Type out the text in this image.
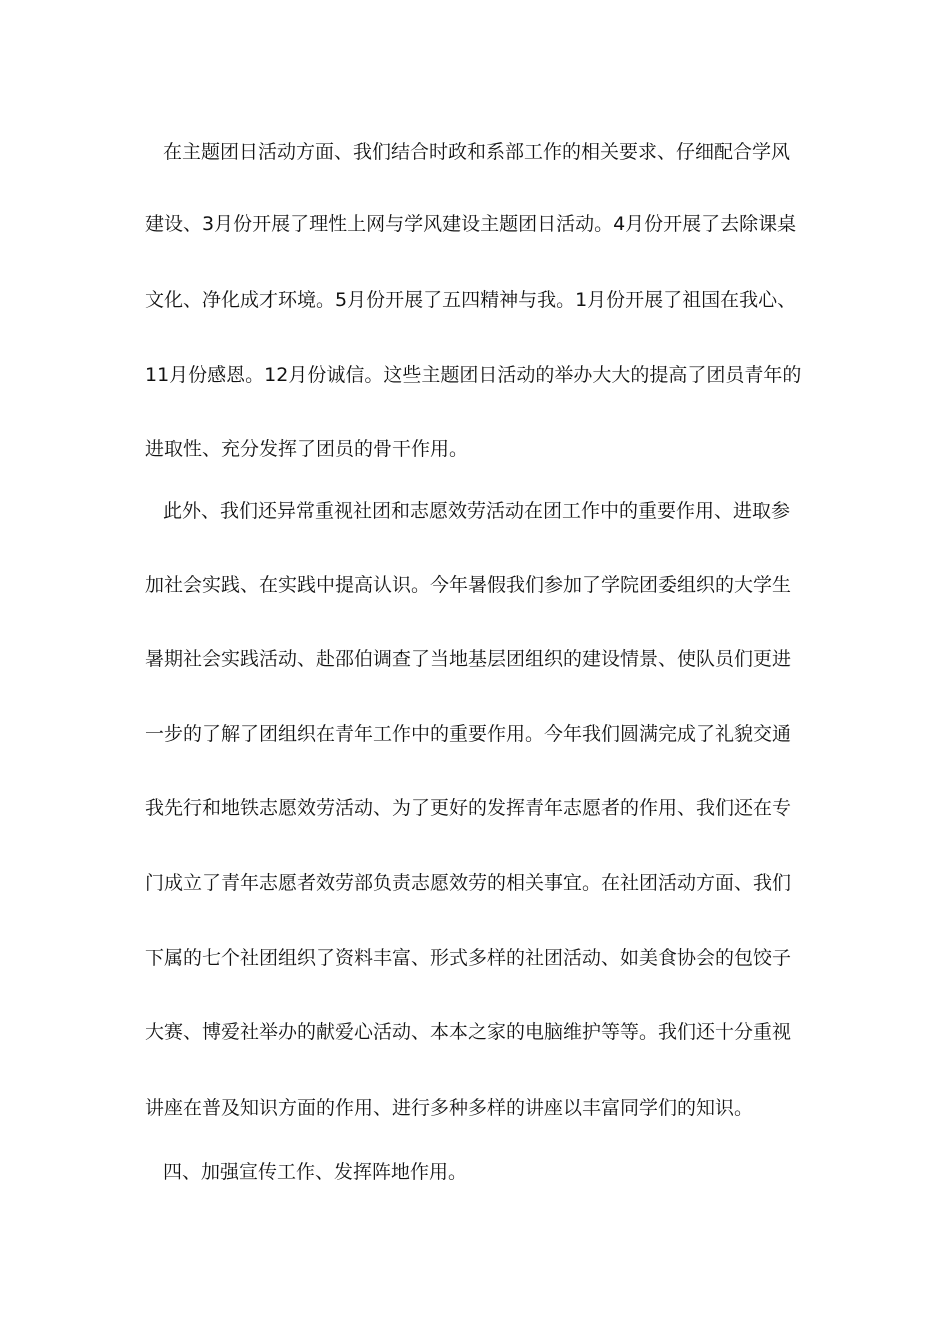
在主题团日活动方面、我们结合时政和系部工作的相关要求、仔细配合学风
建设、3月份开展了理性上网与学风建设主题团日活动。4月份开展了去除课桌
文化、净化成才环境。5月份开展了五四精神与我。1月份开展了祖国在我心、
11月份感恩。12月份诚信。这些主题团日活动的举办大大的提高了团员青年的
进取性、充分发挥了团员的骨干作用。
此外、我们还异常重视社团和志愿效劳活动在团工作中的重要作用、进取参
加社会实践、在实践中提高认识。今年暑假我们参加了学院团委组织的大学生
暑期社会实践活动、赴邵伯调查了当地基层团组织的建设情景、使队员们更进
一步的了解了团组织在青年工作中的重要作用。今年我们圆满完成了礼貌交通
我先行和地铁志愿效劳活动、为了更好的发挥青年志愿者的作用、我们还在专
门成立了青年志愿者效劳部负责志愿效劳的相关事宜。在社团活动方面、我们
下属的七个社团组织了资料丰富、形式多样的社团活动、如美食协会的包饺子
大赛、博爱社举办的献爱心活动、本本之家的电脑维护等等。我们还十分重视
讲座在普及知识方面的作用、进行多种多样的讲座以丰富同学们的知识。
四、加强宣传工作、发挥阵地作用。
